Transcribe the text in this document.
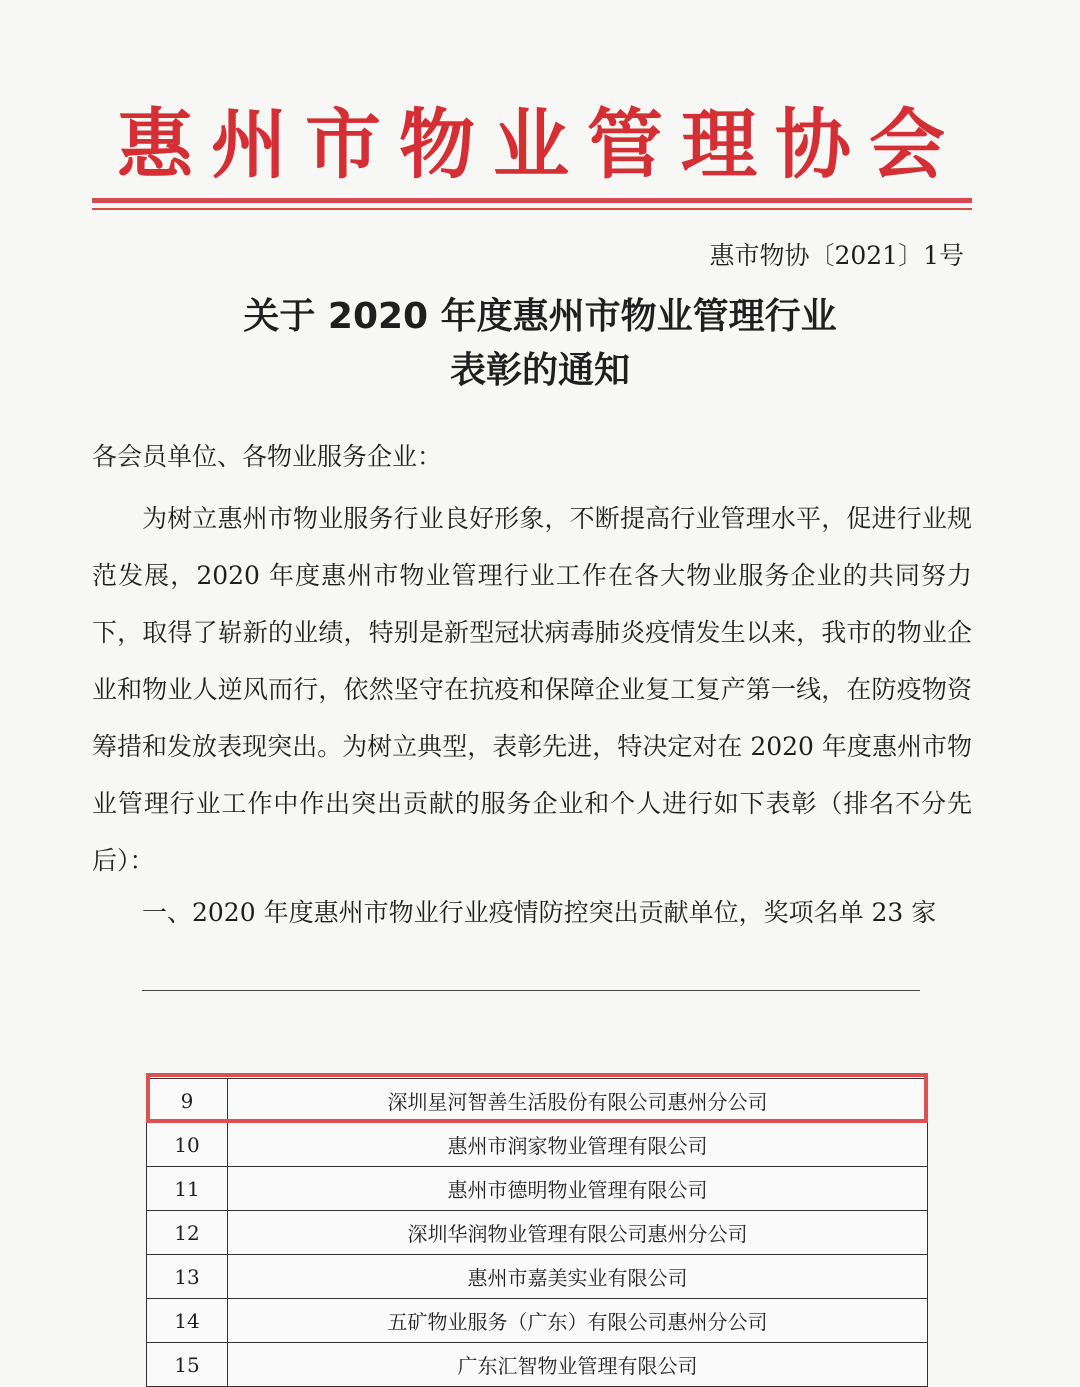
惠州市物业管理协会
惠市物协〔2021〕1号
关于 2020 年度惠州市物业管理行业
表彰的通知
各会员单位、各物业服务企业：
为树立惠州市物业服务行业良好形象，不断提高行业管理水平，促进行业规范发展，2020 年度惠州市物业管理行业工作在各大物业服务企业的共同努力下，取得了崭新的业绩，特别是新型冠状病毒肺炎疫情发生以来，我市的物业企业和物业人逆风而行，依然坚守在抗疫和保障企业复工复产第一线，在防疫物资筹措和发放表现突出。为树立典型，表彰先进，特决定对在 2020 年度惠州市物业管理行业工作中作出突出贡献的服务企业和个人进行如下表彰（排名不分先后）：
一、2020 年度惠州市物业行业疫情防控突出贡献单位，奖项名单 23 家
9	深圳星河智善生活股份有限公司惠州分公司
10	惠州市润家物业管理有限公司
11	惠州市德明物业管理有限公司
12	深圳华润物业管理有限公司惠州分公司
13	惠州市嘉美实业有限公司
14	五矿物业服务（广东）有限公司惠州分公司
15	广东汇智物业管理有限公司
